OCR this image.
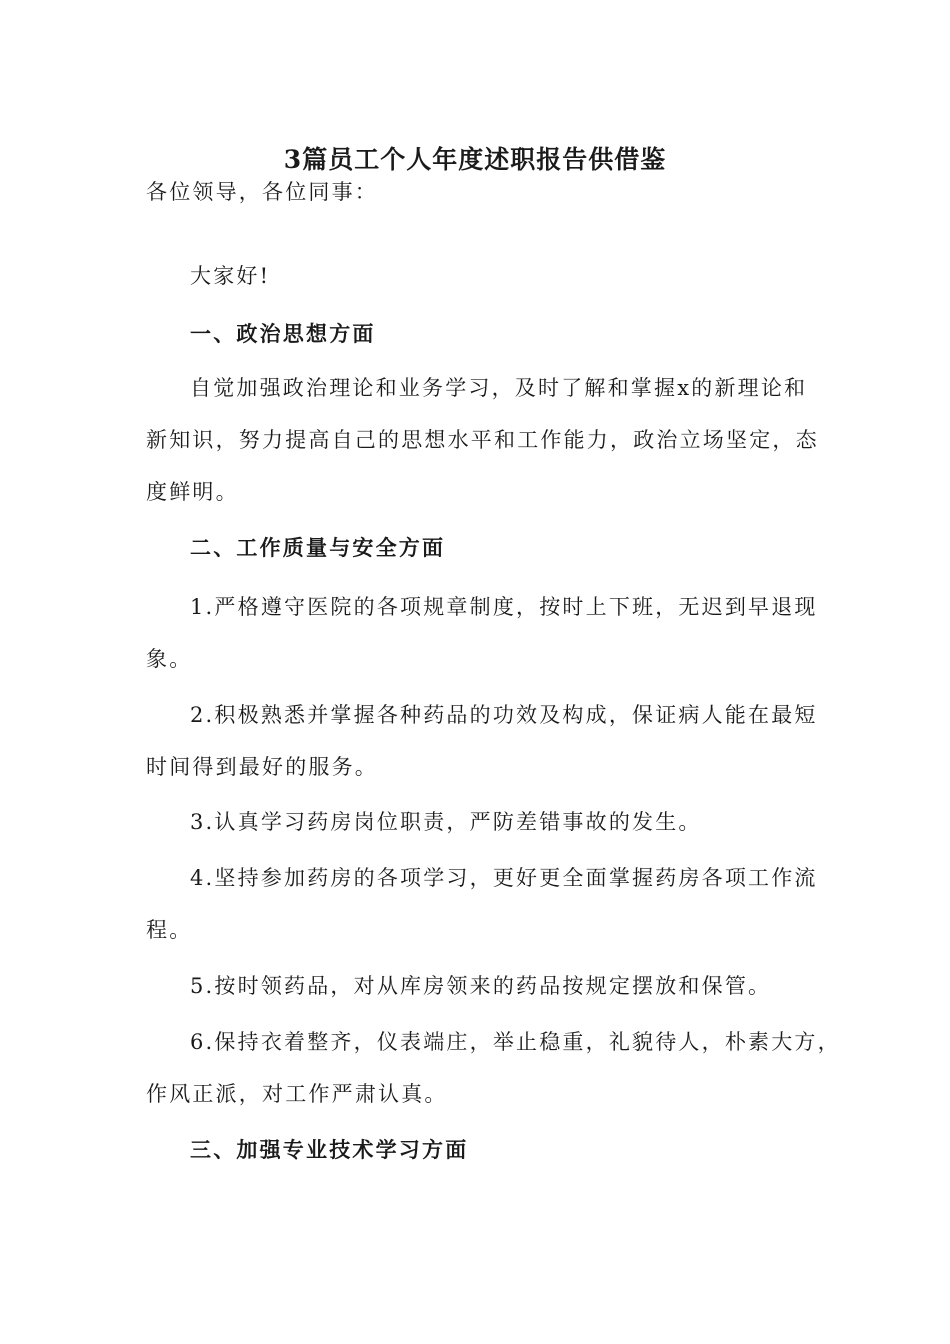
3篇员工个人年度述职报告供借鉴

各位领导，各位同事：

大家好!

一、政治思想方面

自觉加强政治理论和业务学习，及时了解和掌握x的新理论和
新知识，努力提高自己的思想水平和工作能力，政治立场坚定，态
度鲜明。

二、工作质量与安全方面

1.严格遵守医院的各项规章制度，按时上下班，无迟到早退现
象。

2.积极熟悉并掌握各种药品的功效及构成，保证病人能在最短
时间得到最好的服务。

3.认真学习药房岗位职责，严防差错事故的发生。

4.坚持参加药房的各项学习，更好更全面掌握药房各项工作流
程。

5.按时领药品，对从库房领来的药品按规定摆放和保管。

6.保持衣着整齐，仪表端庄，举止稳重，礼貌待人，朴素大方，
作风正派，对工作严肃认真。

三、加强专业技术学习方面
